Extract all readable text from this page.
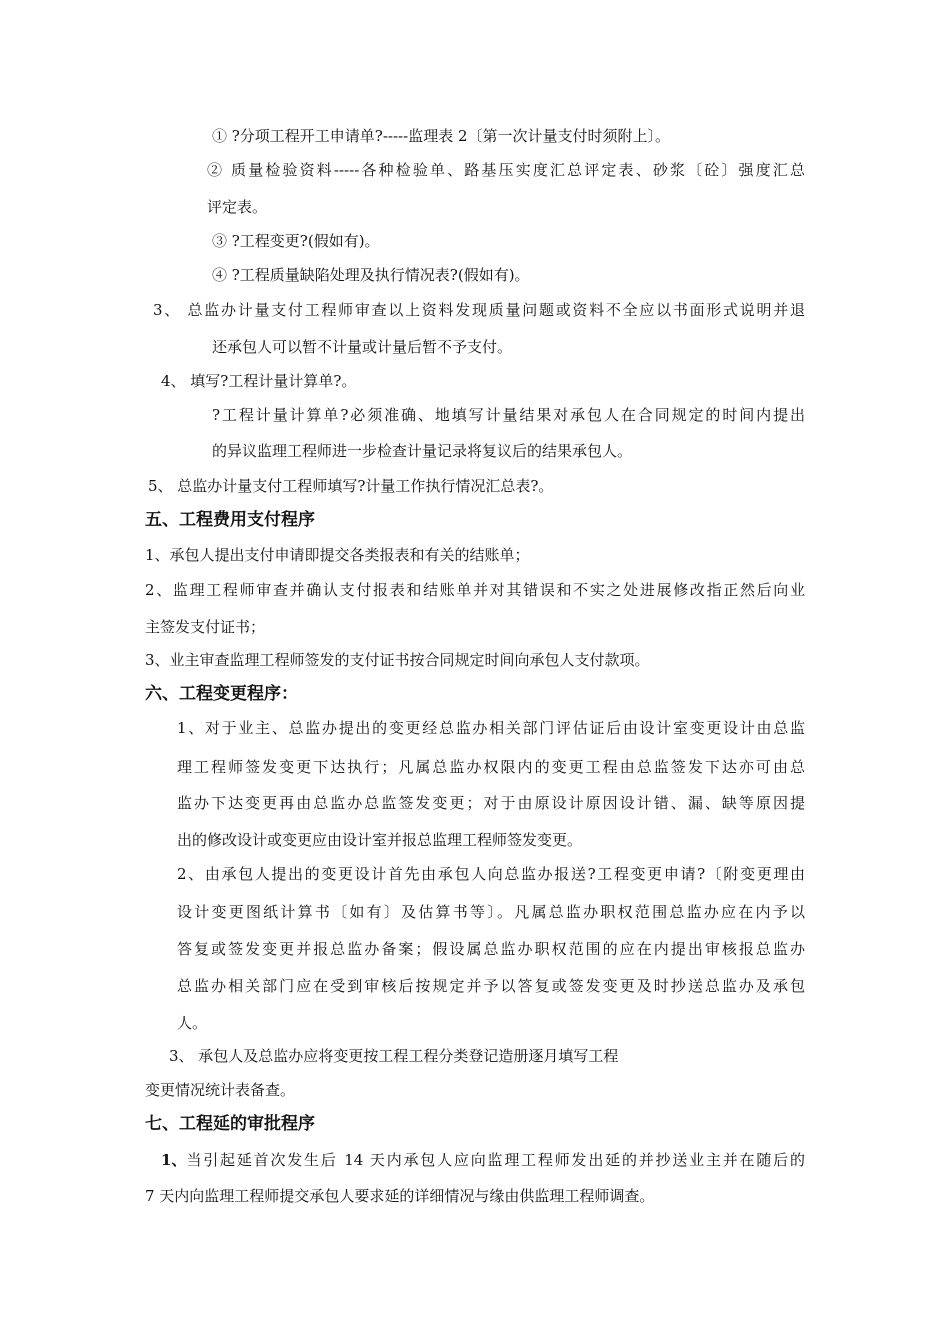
① ?分项工程开工申请单?-----监理表 2〔第一次计量支付时须附上〕。
② 质量检验资料-----各种检验单、路基压实度汇总评定表、砂浆〔砼〕强度汇总
评定表。
③ ?工程变更?(假如有)。
④ ?工程质量缺陷处理及执行情况表?(假如有)。
3、 总监办计量支付工程师审查以上资料发现质量问题或资料不全应以书面形式说明并退
还承包人可以暂不计量或计量后暂不予支付。
4、 填写?工程计量计算单?。
?工程计量计算单?必须准确、地填写计量结果对承包人在合同规定的时间内提出
的异议监理工程师进一步检查计量记录将复议后的结果承包人。
5、 总监办计量支付工程师填写?计量工作执行情况汇总表?。
五、工程费用支付程序
1、承包人提出支付申请即提交各类报表和有关的结账单；
2、监理工程师审查并确认支付报表和结账单并对其错误和不实之处进展修改指正然后向业
主签发支付证书；
3、业主审查监理工程师签发的支付证书按合同规定时间向承包人支付款项。
六、工程变更程序：
1、对于业主、总监办提出的变更经总监办相关部门评估证后由设计室变更设计由总监
理工程师签发变更下达执行；凡属总监办权限内的变更工程由总监签发下达亦可由总
监办下达变更再由总监办总监签发变更；对于由原设计原因设计错、漏、缺等原因提
出的修改设计或变更应由设计室并报总监理工程师签发变更。
2、由承包人提出的变更设计首先由承包人向总监办报送?工程变更申请?〔附变更理由
设计变更图纸计算书〔如有〕及估算书等〕。凡属总监办职权范围总监办应在内予以
答复或签发变更并报总监办备案；假设属总监办职权范围的应在内提出审核报总监办
总监办相关部门应在受到审核后按规定并予以答复或签发变更及时抄送总监办及承包
人。
3、 承包人及总监办应将变更按工程工程分类登记造册逐月填写工程
变更情况统计表备查。
七、工程延的审批程序
1、 当引起延首次发生后 14 天内承包人应向监理工程师发出延的并抄送业主并在随后的
7 天内向监理工程师提交承包人要求延的详细情况与缘由供监理工程师调查。
